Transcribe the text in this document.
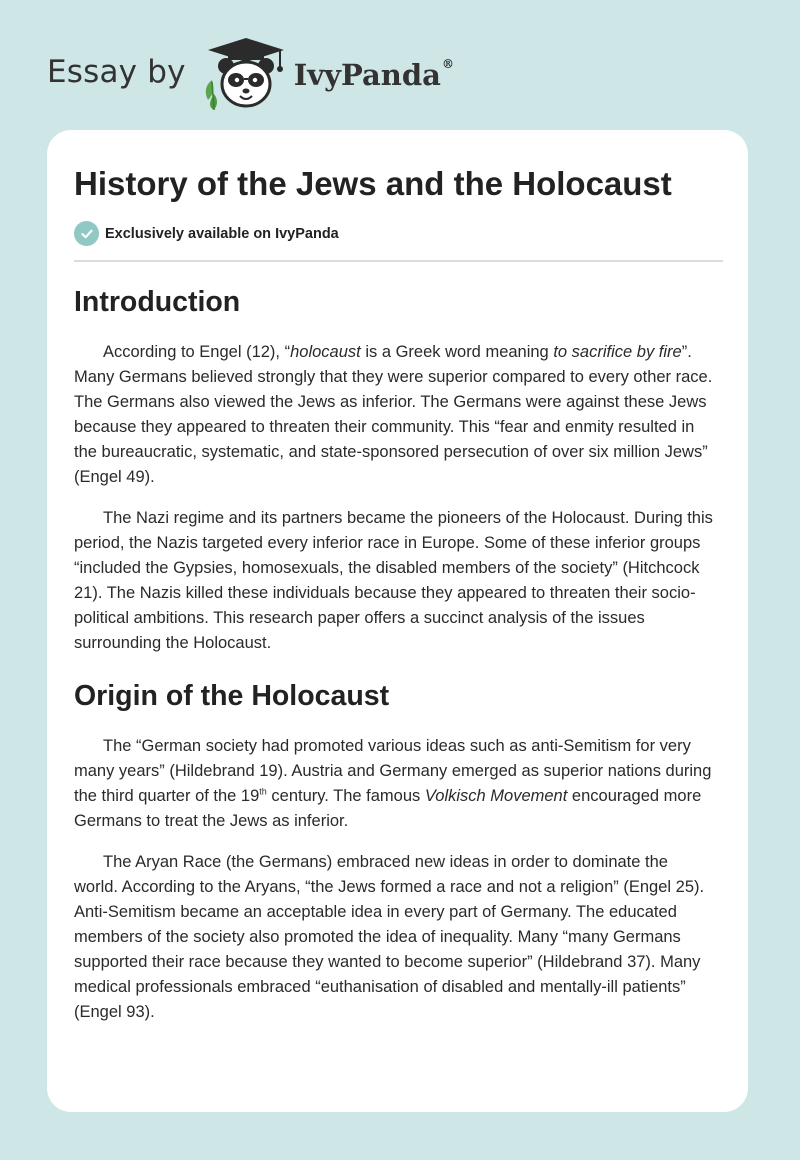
Essay by	IvyPanda®
History of the Jews and the Holocaust
Exclusively available on IvyPanda
Introduction

According to Engel (12), “holocaust is a Greek word meaning to sacrifice by fire”.
Many Germans believed strongly that they were superior compared to every other race.
The Germans also viewed the Jews as inferior. The Germans were against these Jews
because they appeared to threaten their community. This “fear and enmity resulted in
the bureaucratic, systematic, and state-sponsored persecution of over six million Jews”
(Engel 49).

The Nazi regime and its partners became the pioneers of the Holocaust. During this
period, the Nazis targeted every inferior race in Europe. Some of these inferior groups
“included the Gypsies, homosexuals, the disabled members of the society” (Hitchcock
21). The Nazis killed these individuals because they appeared to threaten their socio-
political ambitions. This research paper offers a succinct analysis of the issues
surrounding the Holocaust.

Origin of the Holocaust

The “German society had promoted various ideas such as anti-Semitism for very
many years” (Hildebrand 19). Austria and Germany emerged as superior nations during
the third quarter of the 19th century. The famous Volkisch Movement encouraged more
Germans to treat the Jews as inferior.

The Aryan Race (the Germans) embraced new ideas in order to dominate the
world. According to the Aryans, “the Jews formed a race and not a religion” (Engel 25).
Anti-Semitism became an acceptable idea in every part of Germany. The educated
members of the society also promoted the idea of inequality. Many “many Germans
supported their race because they wanted to become superior” (Hildebrand 37). Many
medical professionals embraced “euthanisation of disabled and mentally-ill patients”
(Engel 93).
